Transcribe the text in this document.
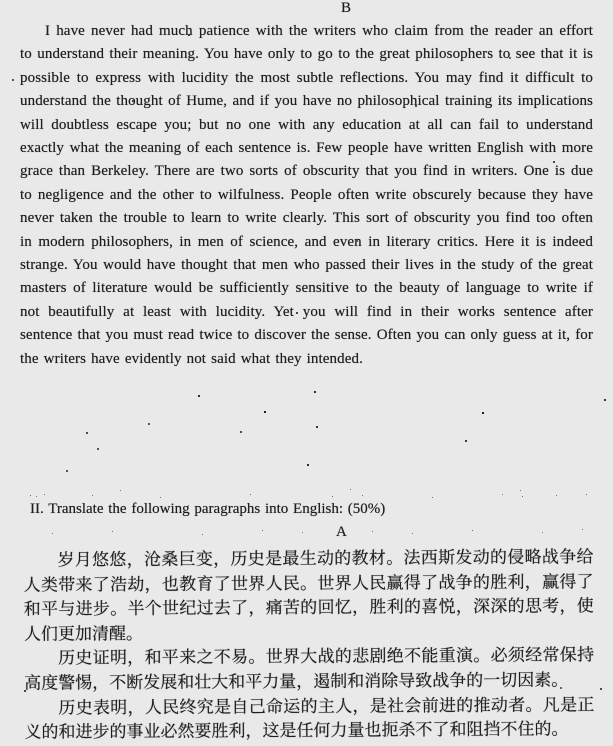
B

I have never had much patience with the writers who claim from the reader an effort to understand their meaning. You have only to go to the great philosophers to see that it is possible to express with lucidity the most subtle reflections. You may find it difficult to understand the thought of Hume, and if you have no philosophical training its implications will doubtless escape you; but no one with any education at all can fail to understand exactly what the meaning of each sentence is. Few people have written English with more grace than Berkeley. There are two sorts of obscurity that you find in writers. One is due to negligence and the other to wilfulness. People often write obscurely because they have never taken the trouble to learn to write clearly. This sort of obscurity you find too often in modern philosophers, in men of science, and even in literary critics. Here it is indeed strange. You would have thought that men who passed their lives in the study of the great masters of literature would be sufficiently sensitive to the beauty of language to write if not beautifully at least with lucidity. Yet you will find in their works sentence after sentence that you must read twice to discover the sense. Often you can only guess at it, for the writers have evidently not said what they intended.

II. Translate the following paragraphs into English: (50%)
A

岁月悠悠，沧桑巨变，历史是最生动的教材。法西斯发动的侵略战争给人类带来了浩劫，也教育了世界人民。世界人民赢得了战争的胜利，赢得了和平与进步。半个世纪过去了，痛苦的回忆，胜利的喜悦，深深的思考，使人们更加清醒。

历史证明，和平来之不易。世界大战的悲剧绝不能重演。必须经常保持高度警惕，不断发展和壮大和平力量，遏制和消除导致战争的一切因素。

历史表明，人民终究是自己命运的主人，是社会前进的推动者。凡是正义的和进步的事业必然要胜利，这是任何力量也扼杀不了和阻挡不住的。
